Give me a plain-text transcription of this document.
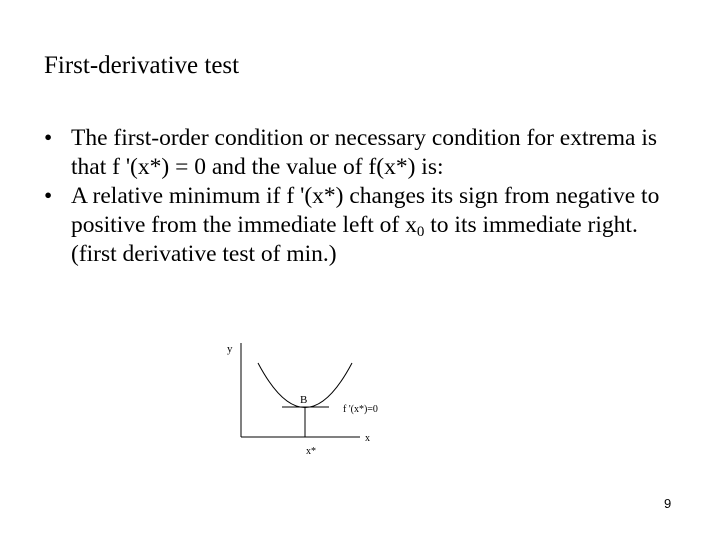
First-derivative test
• The first-order condition or necessary condition for extrema is that f '(x*) = 0 and the value of f(x*) is:
• A relative minimum if f '(x*) changes its sign from negative to positive from the immediate left of $x_0$ to its immediate right. (first derivative test of min.)
y
x
B
f '(x*)=0
x*
9
